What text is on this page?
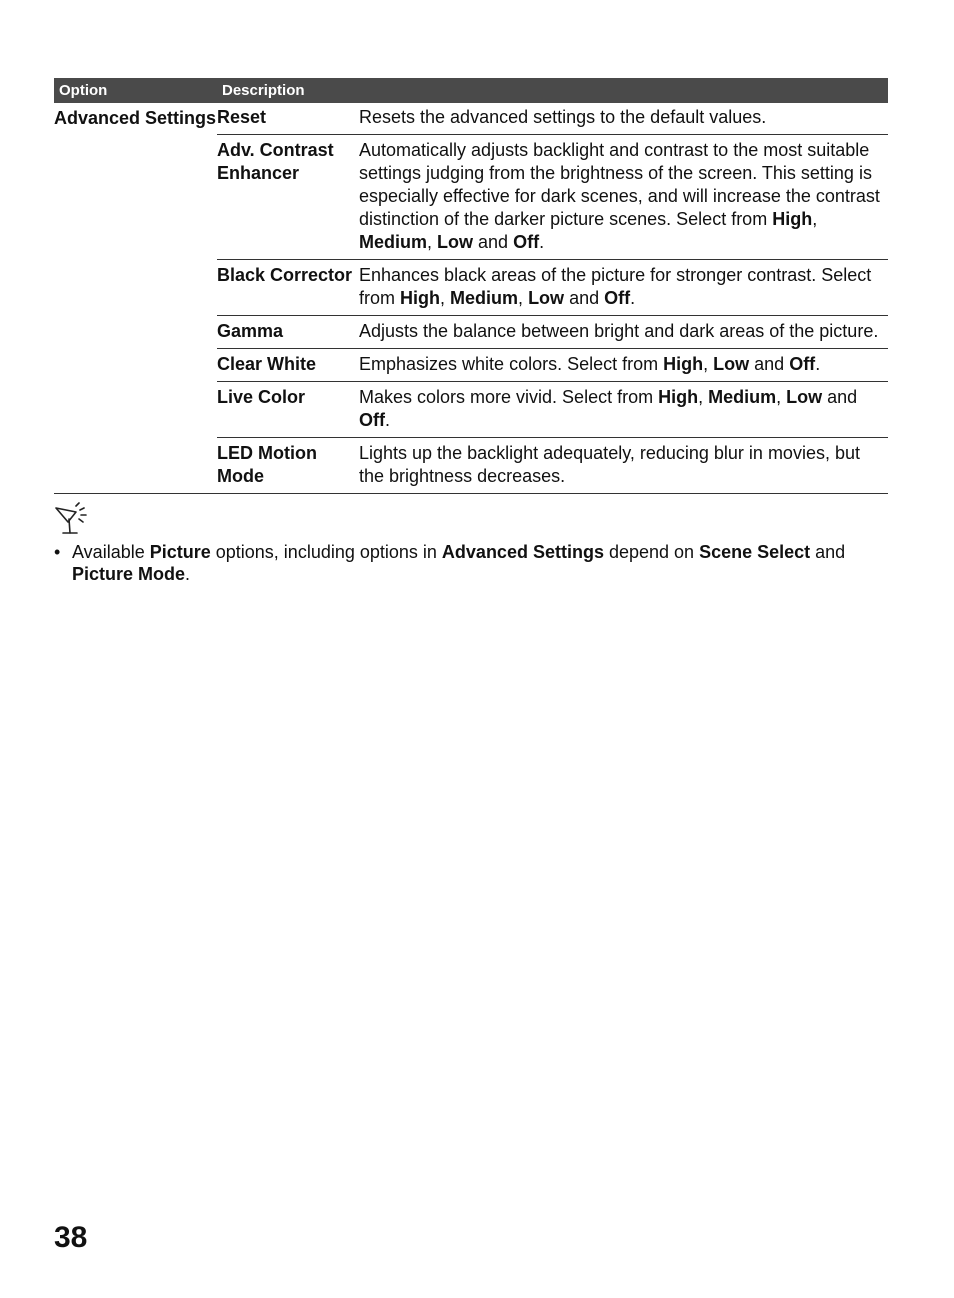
Option	Description	
Advanced Settings	Reset	Resets the advanced settings to the default values.
	Adv. Contrast Enhancer	Automatically adjusts backlight and contrast to the most suitable settings judging from the brightness of the screen. This setting is especially effective for dark scenes, and will increase the contrast distinction of the darker picture scenes. Select from High, Medium, Low and Off.
	Black Corrector	Enhances black areas of the picture for stronger contrast. Select from High, Medium, Low and Off.
	Gamma	Adjusts the balance between bright and dark areas of the picture.
	Clear White	Emphasizes white colors. Select from High, Low and Off.
	Live Color	Makes colors more vivid. Select from High, Medium, Low and Off.
	LED Motion Mode	Lights up the backlight adequately, reducing blur in movies, but the brightness decreases.
• Available Picture options, including options in Advanced Settings depend on Scene Select and Picture Mode.
38
